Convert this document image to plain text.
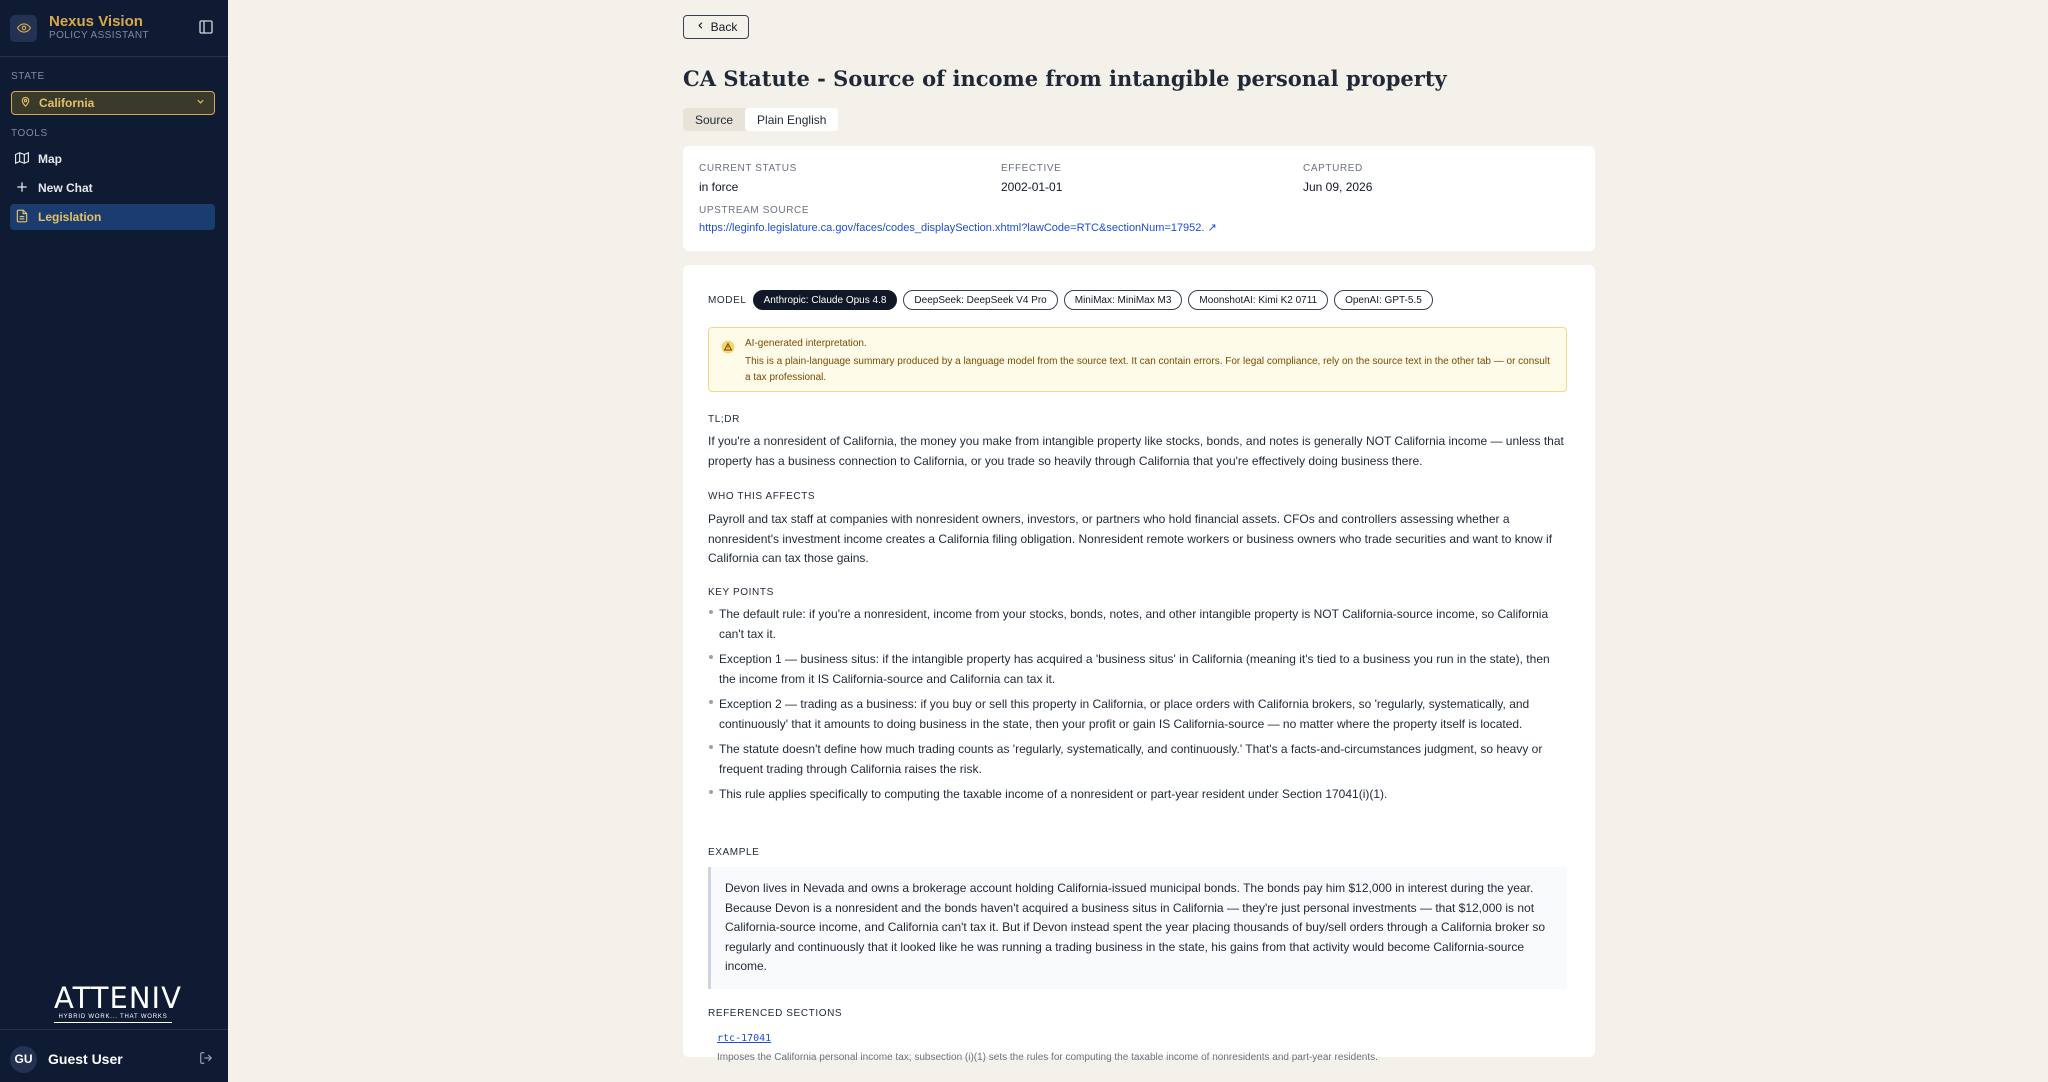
Nexus Vision
POLICY ASSISTANT
STATE
California
TOOLS
Map
New Chat
Legislation
ATTENIV
HYBRID WORK... THAT WORKS
GU	Guest User
Back
CA Statute - Source of income from intangible personal property
Source	Plain English
CURRENT STATUS
in force
EFFECTIVE
2002-01-01
CAPTURED
Jun 09, 2026
UPSTREAM SOURCE
https://leginfo.legislature.ca.gov/faces/codes_displaySection.xhtml?lawCode=RTC&sectionNum=17952. ↗
MODEL	Anthropic: Claude Opus 4.8	DeepSeek: DeepSeek V4 Pro	MiniMax: MiniMax M3	MoonshotAI: Kimi K2 0711	OpenAI: GPT-5.5
AI-generated interpretation.
This is a plain-language summary produced by a language model from the source text. It can contain errors. For legal compliance, rely on the source text in the other tab — or consult a tax professional.
TL;DR

If you're a nonresident of California, the money you make from intangible property like stocks, bonds, and notes is generally NOT California income — unless that property has a business connection to California, or you trade so heavily through California that you're effectively doing business there.

WHO THIS AFFECTS

Payroll and tax staff at companies with nonresident owners, investors, or partners who hold financial assets. CFOs and controllers assessing whether a nonresident's investment income creates a California filing obligation. Nonresident remote workers or business owners who trade securities and want to know if California can tax those gains.

KEY POINTS
The default rule: if you're a nonresident, income from your stocks, bonds, notes, and other intangible property is NOT California-source income, so California can't tax it.
Exception 1 — business situs: if the intangible property has acquired a 'business situs' in California (meaning it's tied to a business you run in the state), then the income from it IS California-source and California can tax it.
Exception 2 — trading as a business: if you buy or sell this property in California, or place orders with California brokers, so 'regularly, systematically, and continuously' that it amounts to doing business in the state, then your profit or gain IS California-source — no matter where the property itself is located.
The statute doesn't define how much trading counts as 'regularly, systematically, and continuously.' That's a facts-and-circumstances judgment, so heavy or frequent trading through California raises the risk.
This rule applies specifically to computing the taxable income of a nonresident or part-year resident under Section 17041(i)(1).
EXAMPLE
Devon lives in Nevada and owns a brokerage account holding California-issued municipal bonds. The bonds pay him $12,000 in interest during the year. Because Devon is a nonresident and the bonds haven't acquired a business situs in California — they're just personal investments — that $12,000 is not California-source income, and California can't tax it. But if Devon instead spent the year placing thousands of buy/sell orders through a California broker so regularly and continuously that it looked like he was running a trading business in the state, his gains from that activity would become California-source income.
REFERENCED SECTIONS
rtc-17041
Imposes the California personal income tax; subsection (i)(1) sets the rules for computing the taxable income of nonresidents and part-year residents.
